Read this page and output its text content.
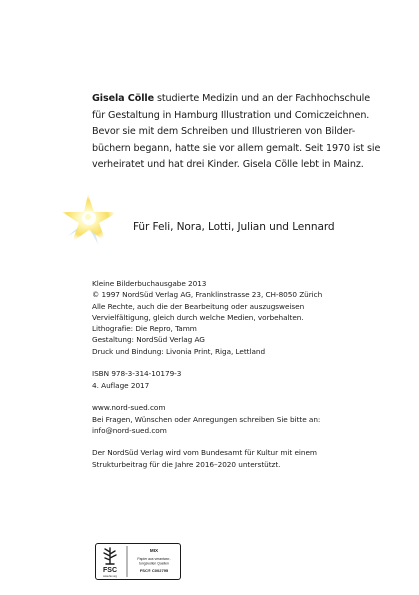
Gisela Cölle studierte Medizin und an der Fachhochschule
für Gestaltung in Hamburg Illustration und Comiczeichnen.
Bevor sie mit dem Schreiben und Illustrieren von Bilder-
büchern begann, hatte sie vor allem gemalt. Seit 1970 ist sie
verheiratet und hat drei Kinder. Gisela Cölle lebt in Mainz.
Für Feli, Nora, Lotti, Julian und Lennard
Kleine Bilderbuchausgabe 2013
© 1997 NordSüd Verlag AG, Franklinstrasse 23, CH-8050 Zürich
Alle Rechte, auch die der Bearbeitung oder auszugsweisen
Vervielfältigung, gleich durch welche Medien, vorbehalten.
Lithografie: Die Repro, Tamm
Gestaltung: NordSüd Verlag AG
Druck und Bindung: Livonia Print, Riga, Lettland
ISBN 978-3-314-10179-3
4. Auflage 2017
www.nord-sued.com
Bei Fragen, Wünschen oder Anregungen schreiben Sie bitte an:
info@nord-sued.com
Der NordSüd Verlag wird vom Bundesamt für Kultur mit einem
Strukturbeitrag für die Jahre 2016–2020 unterstützt.
FSC
www.fsc.org
MIX
Papier aus verantwor-
tungsvollen Quellen
FSC® C002795
